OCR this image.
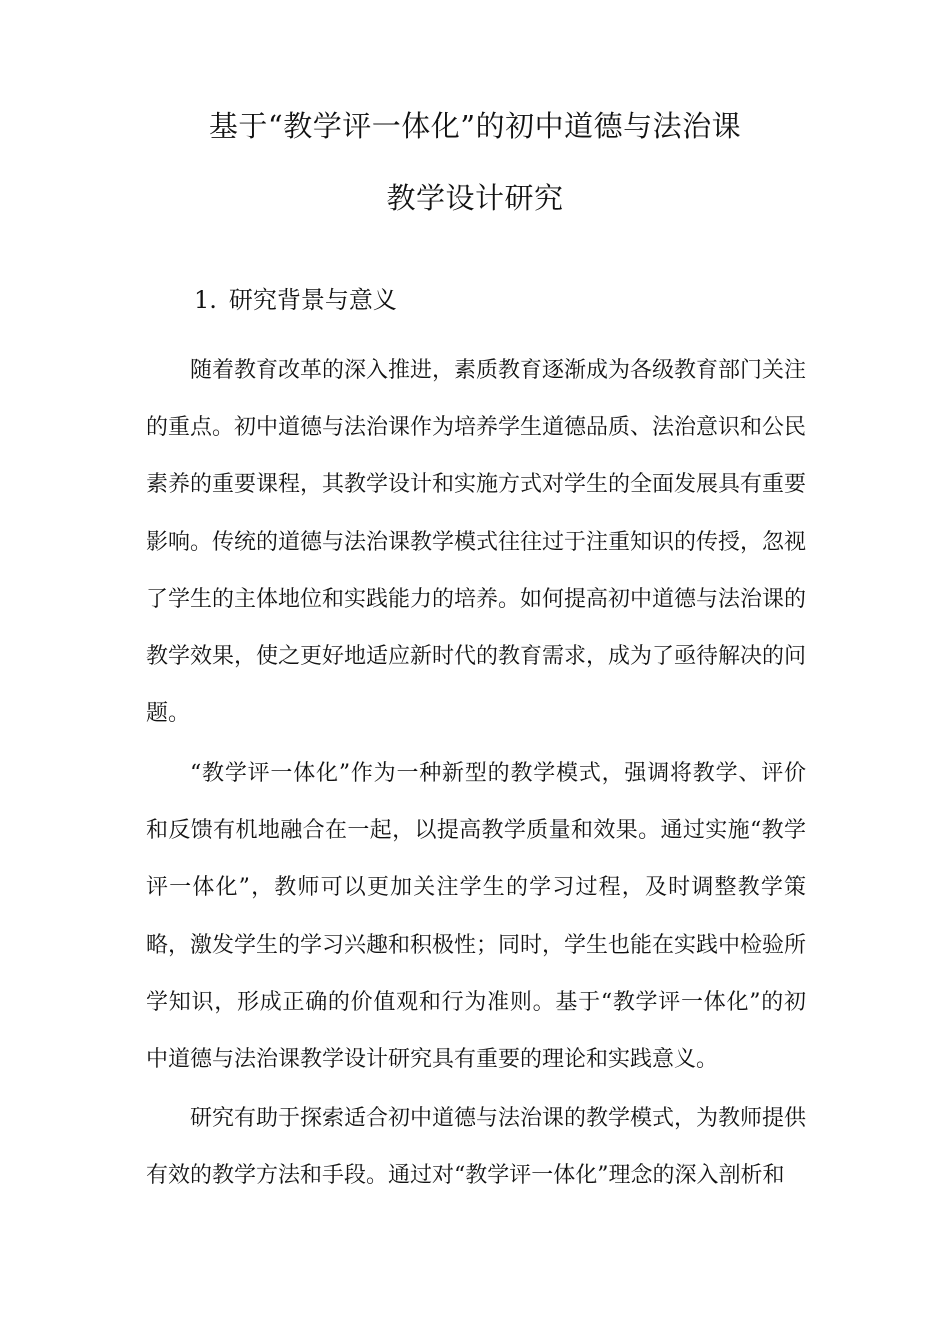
基于“教学评一体化”的初中道德与法治课
教学设计研究
1. 研究背景与意义

随着教育改革的深入推进，素质教育逐渐成为各级教育部门关注的重点。初中道德与法治课作为培养学生道德品质、法治意识和公民素养的重要课程，其教学设计和实施方式对学生的全面发展具有重要影响。传统的道德与法治课教学模式往往过于注重知识的传授，忽视了学生的主体地位和实践能力的培养。如何提高初中道德与法治课的教学效果，使之更好地适应新时代的教育需求，成为了亟待解决的问题。

“教学评一体化”作为一种新型的教学模式，强调将教学、评价和反馈有机地融合在一起，以提高教学质量和效果。通过实施“教学评一体化”，教师可以更加关注学生的学习过程，及时调整教学策略，激发学生的学习兴趣和积极性；同时，学生也能在实践中检验所学知识，形成正确的价值观和行为准则。基于“教学评一体化”的初中道德与法治课教学设计研究具有重要的理论和实践意义。

研究有助于探索适合初中道德与法治课的教学模式，为教师提供有效的教学方法和手段。通过对“教学评一体化”理念的深入剖析和
